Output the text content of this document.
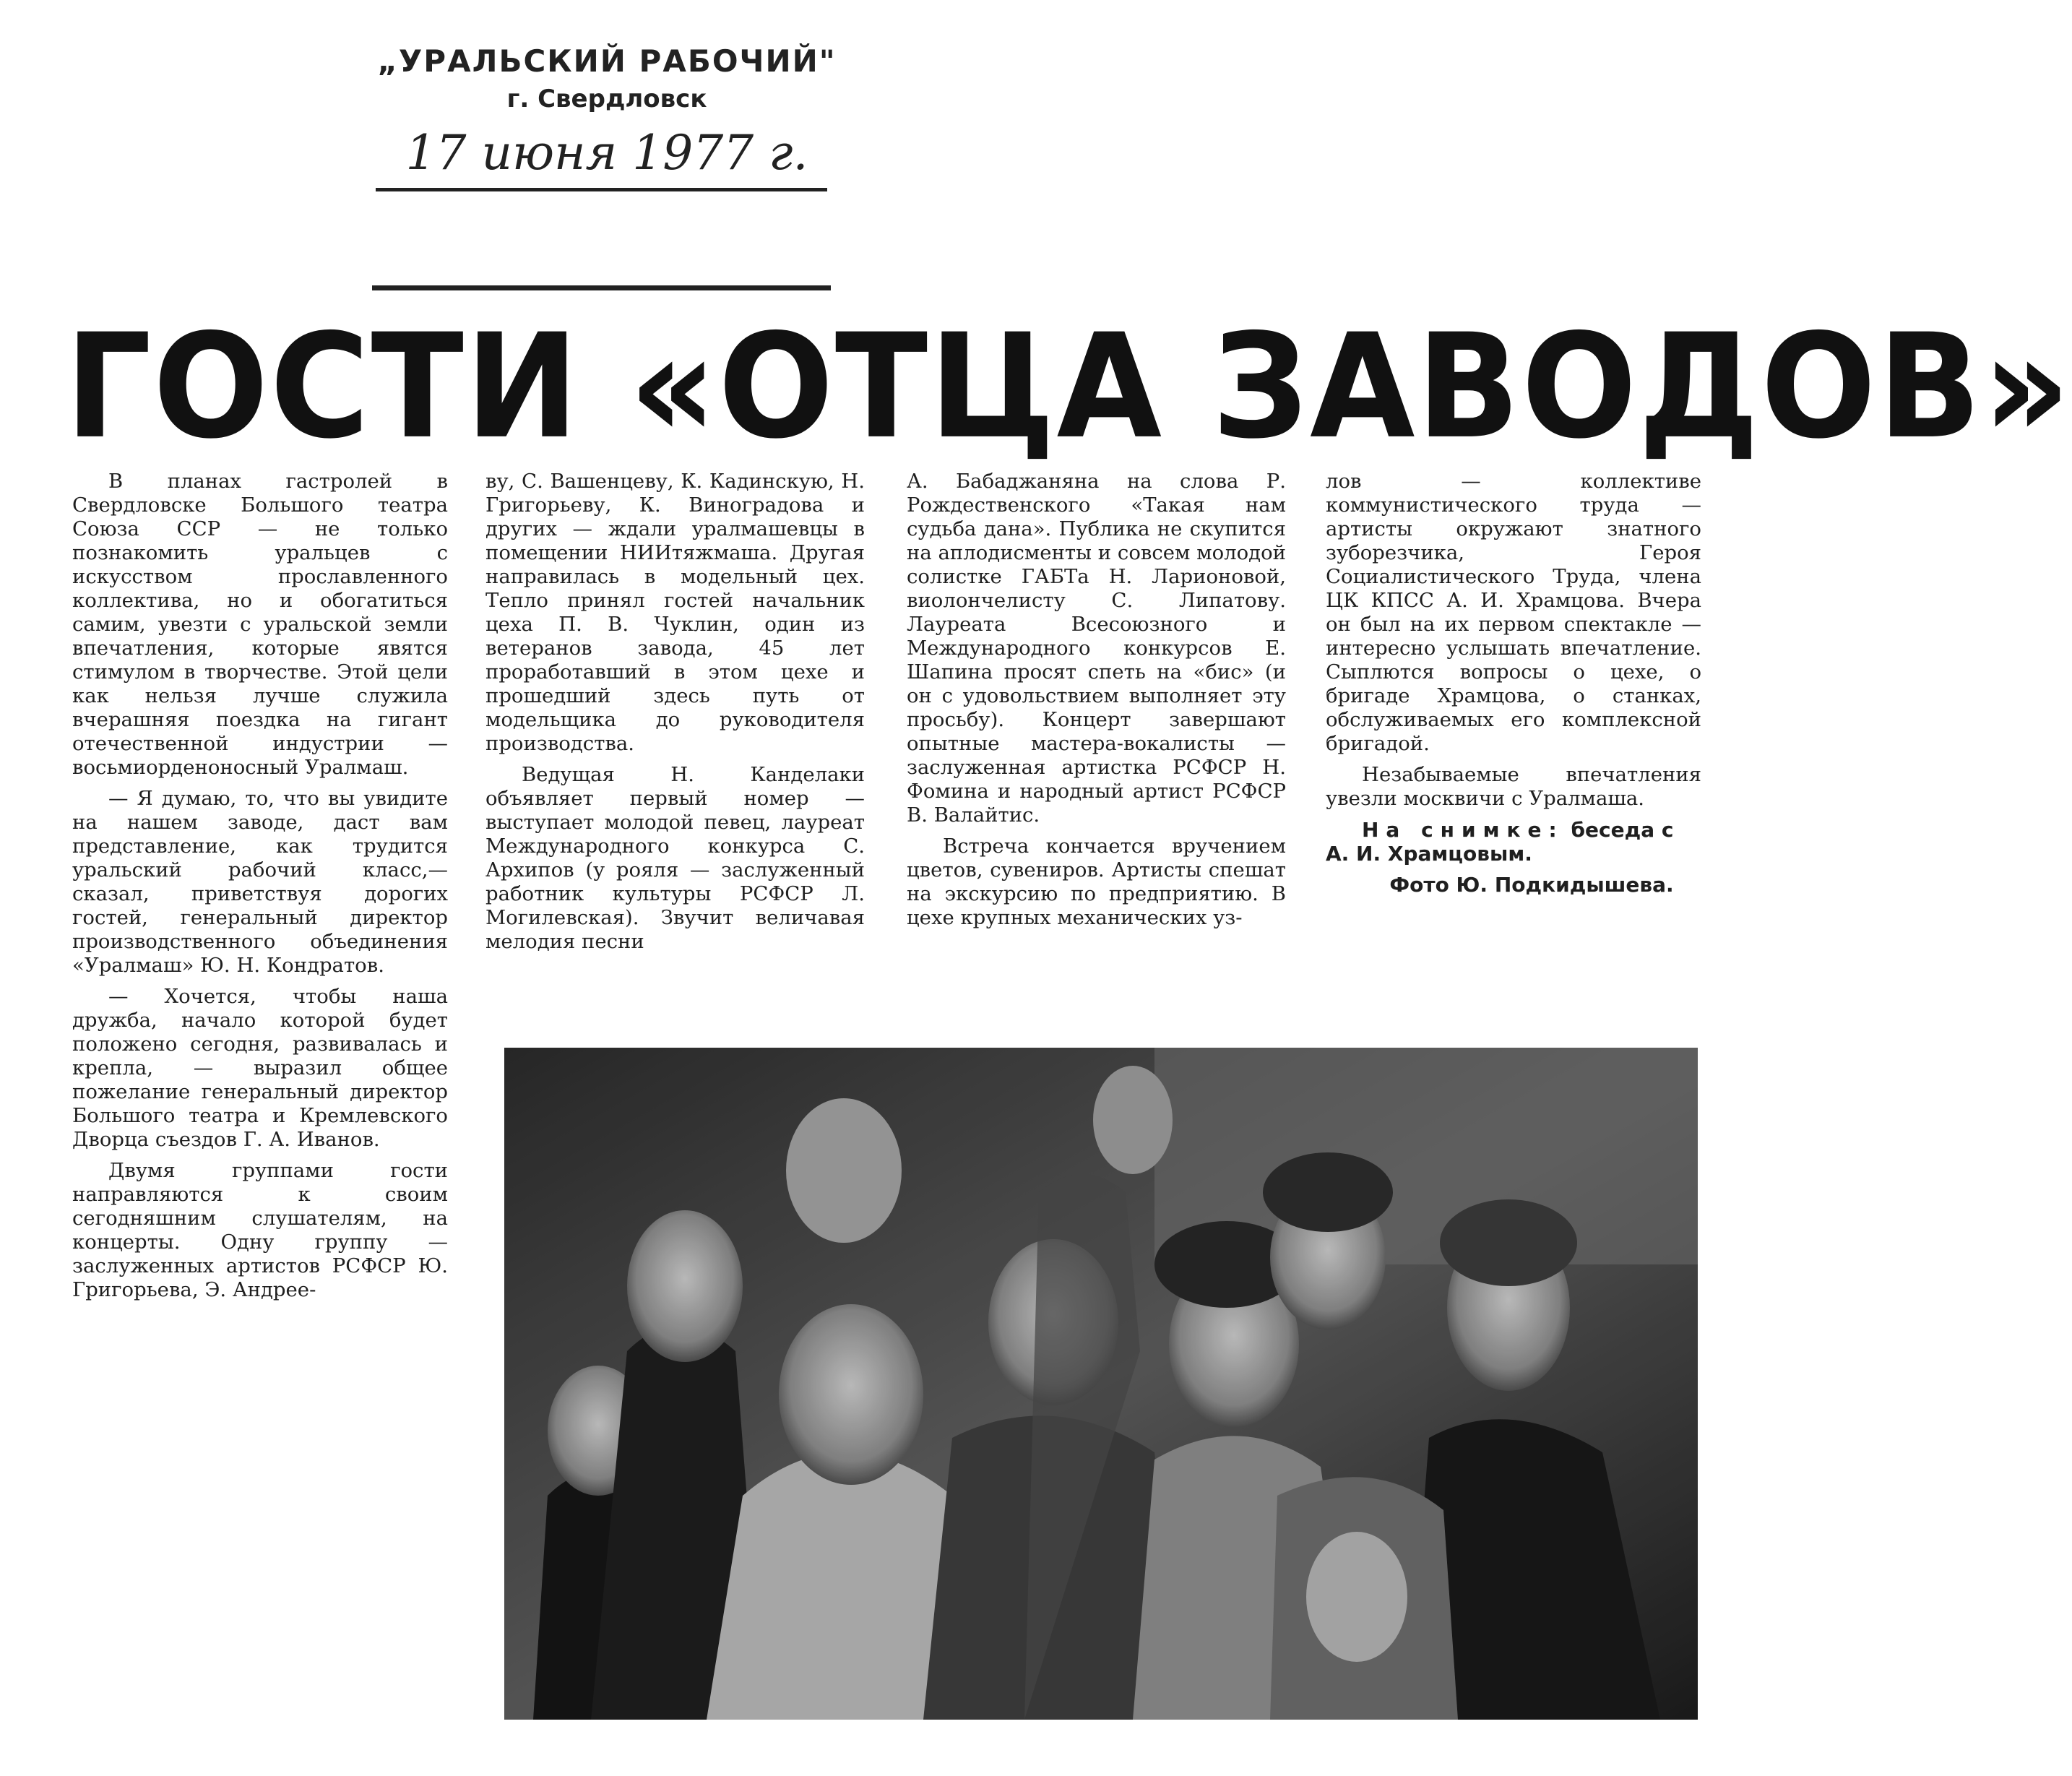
„УРАЛЬСКИЙ РАБОЧИЙ"
г. Свердловск
17 июня 1977 г.
ГОСТИ «ОТЦА ЗАВОДОВ»

В планах гастролей в Свердловске Большого театра Союза ССР — не только познакомить уральцев с искусством прославленного коллектива, но и обогатиться самим, увезти с уральской земли впечатления, которые явятся стимулом в творчестве. Этой цели как нельзя лучше служила вчерашняя поездка на гигант отечественной индустрии — восьмиорденоносный Уралмаш.

— Я думаю, то, что вы увидите на нашем заводе, даст вам представление, как трудится уральский рабочий класс,— сказал, приветствуя дорогих гостей, генеральный директор производственного объединения «Уралмаш» Ю. Н. Кондратов.

— Хочется, чтобы наша дружба, начало которой будет положено сегодня, развивалась и крепла, — выразил общее пожелание генеральный директор Большого театра и Кремлевского Дворца съездов Г. А. Иванов.

Двумя группами гости направляются к своим сегодняшним слушателям, на концерты. Одну группу — заслуженных артистов РСФСР Ю. Григорьева, Э. Андрее-

ву, С. Вашенцеву, К. Кадинскую, Н. Григорьеву, К. Виноградова и других — ждали уралмашевцы в помещении НИИтяжмаша. Другая направилась в модельный цех. Тепло принял гостей начальник цеха П. В. Чуклин, один из ветеранов завода, 45 лет проработавший в этом цехе и прошедший здесь путь от модельщика до руководителя производства.

Ведущая Н. Канделаки объявляет первый номер — выступает молодой певец, лауреат Международного конкурса С. Архипов (у рояля — заслуженный работник культуры РСФСР Л. Могилевская). Звучит величавая мелодия песни

А. Бабаджаняна на слова Р. Рождественского «Такая нам судьба дана». Публика не скупится на аплодисменты и совсем молодой солистке ГАБТа Н. Ларионовой, виолончелисту С. Липатову. Лауреата Всесоюзного и Международного конкурсов Е. Шапина просят спеть на «бис» (и он с удовольствием выполняет эту просьбу). Концерт завершают опытные мастера-вокалисты — заслуженная артистка РСФСР Н. Фомина и народный артист РСФСР В. Валайтис.

Встреча кончается вручением цветов, сувениров. Артисты спешат на экскурсию по предприятию. В цехе крупных механических уз-

лов — коллективе коммунистического труда — артисты окружают знатного зуборезчика, Героя Социалистического Труда, члена ЦК КПСС А. И. Храмцова. Вчера он был на их первом спектакле — интересно услышать впечатление. Сыплются вопросы о цехе, о бригаде Храмцова, о станках, обслуживаемых его комплексной бригадой.

Незабываемые впечатления увезли москвичи с Уралмаша.

На снимке: беседа с А. И. Храмцовым.

Фото Ю. Подкидышева.
